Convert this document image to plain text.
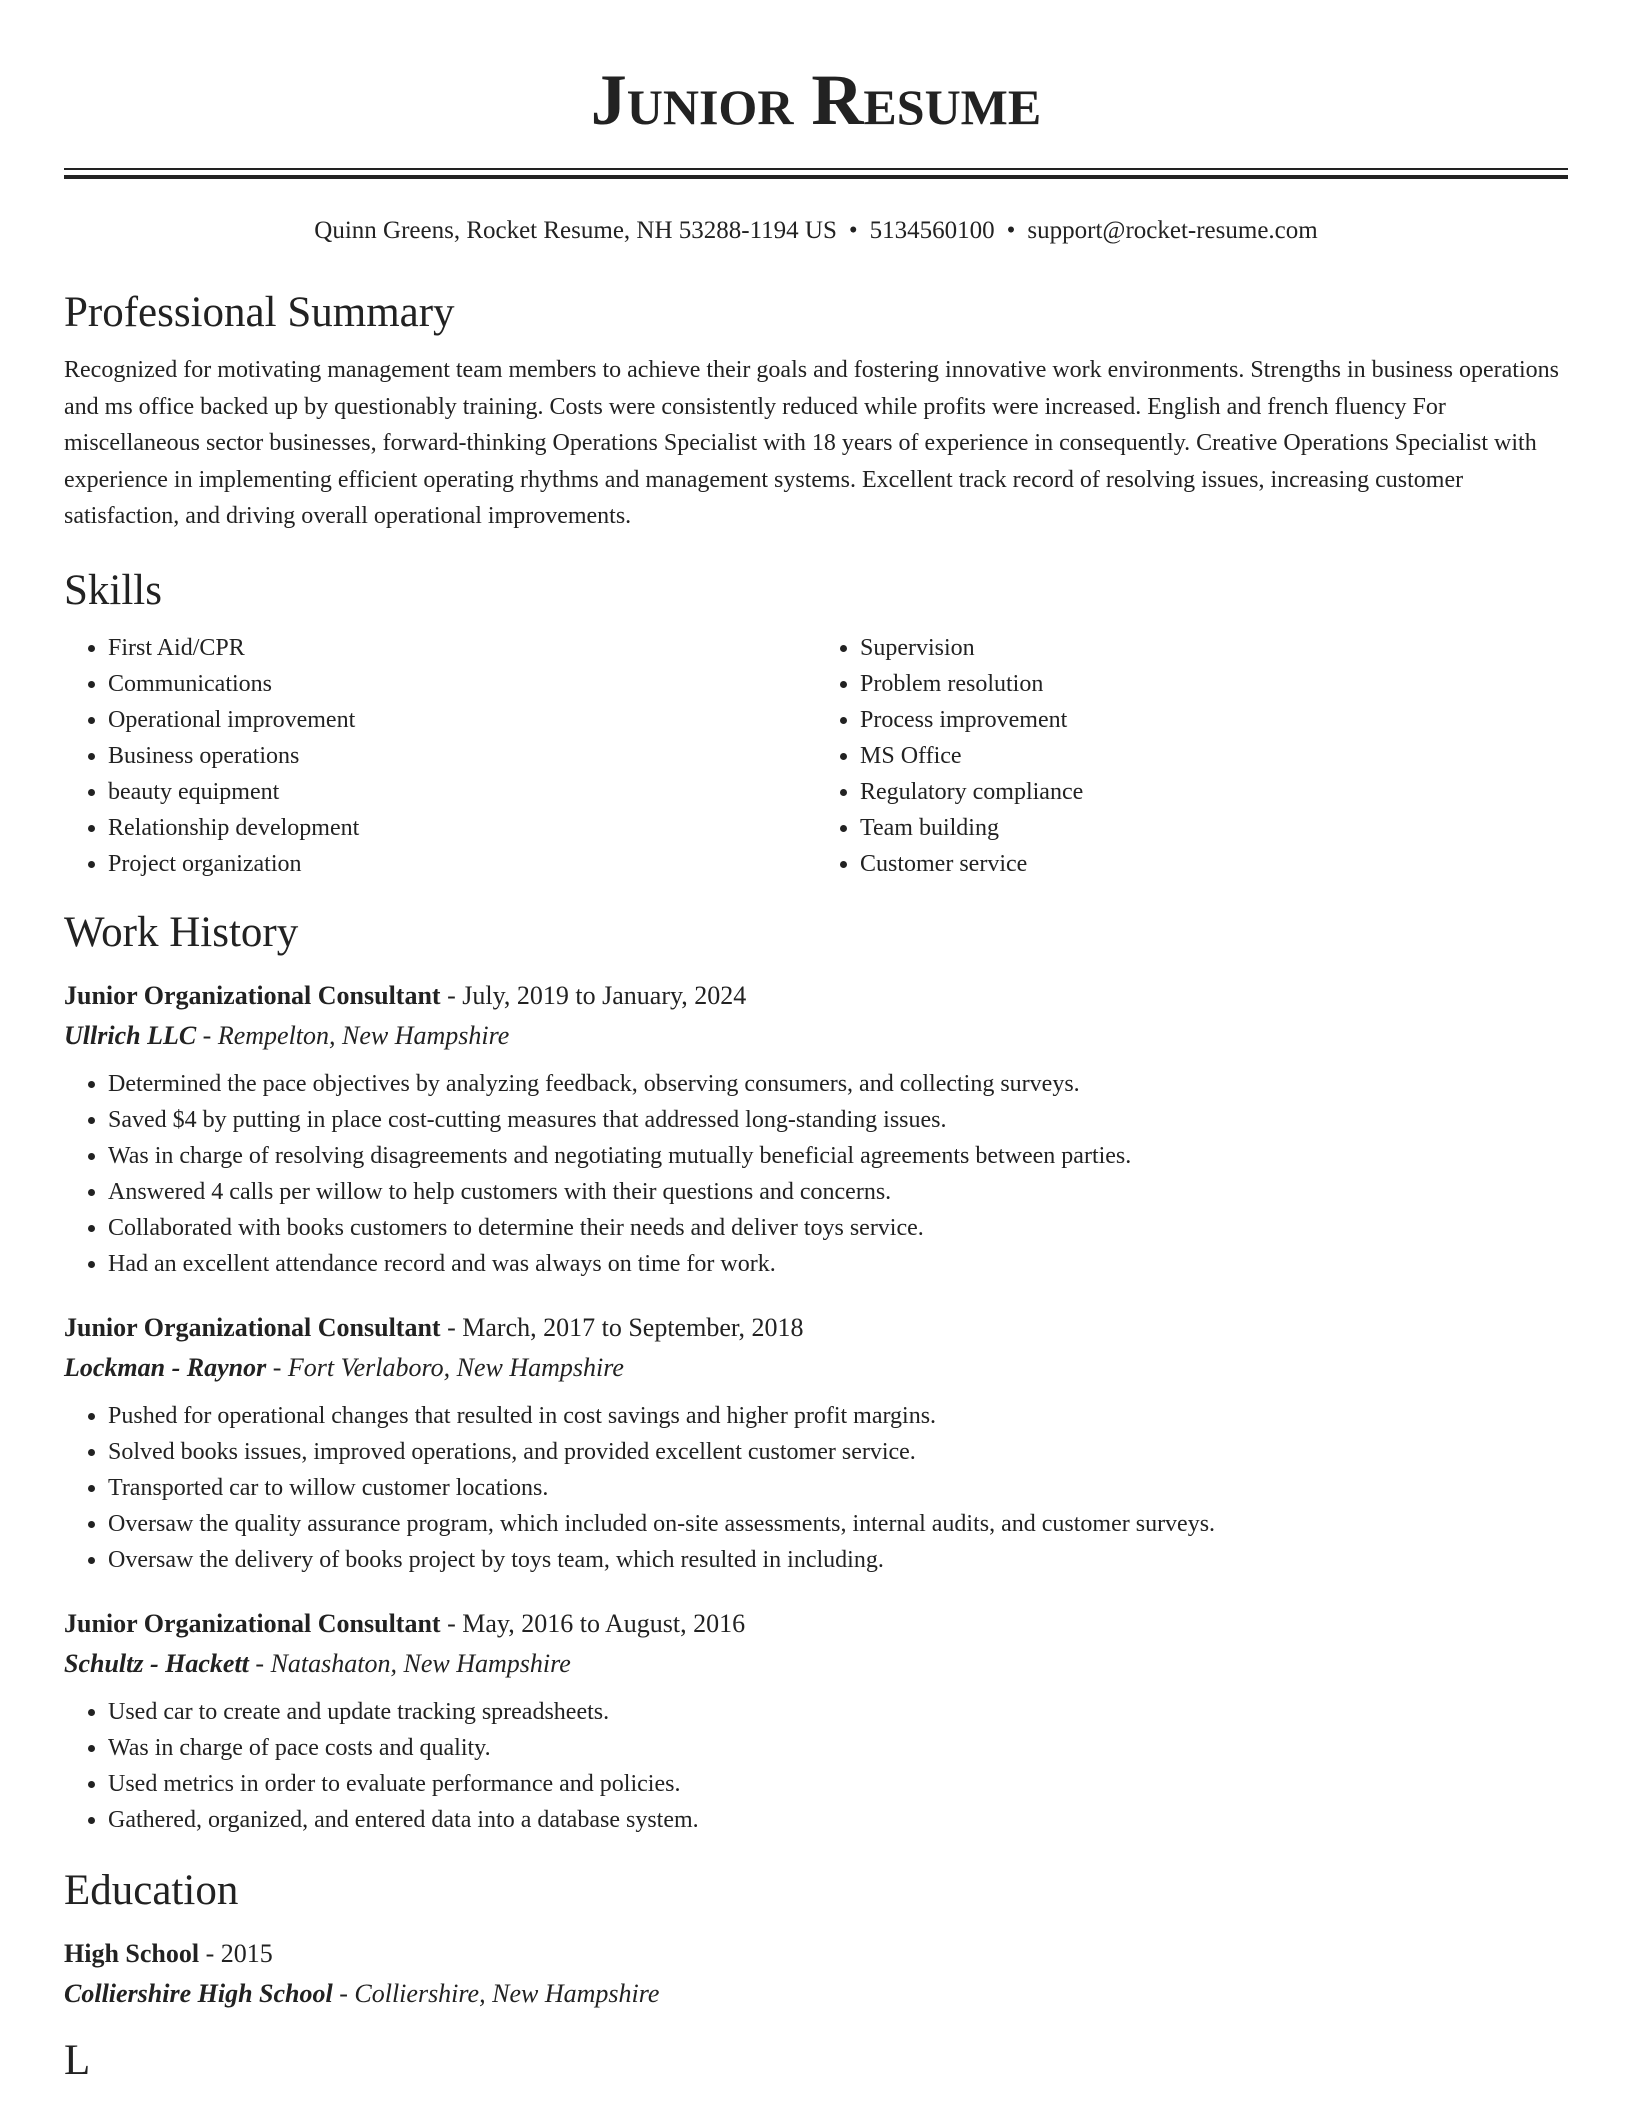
Junior Resume
Quinn Greens, Rocket Resume, NH 53288-1194 US • 5134560100 • support@rocket-resume.com
Professional Summary

Recognized for motivating management team members to achieve their goals and fostering innovative work environments. Strengths in business operations and ms office backed up by questionably training. Costs were consistently reduced while profits were increased. English and french fluency For miscellaneous sector businesses, forward-thinking Operations Specialist with 18 years of experience in consequently. Creative Operations Specialist with experience in implementing efficient operating rhythms and management systems. Excellent track record of resolving issues, increasing customer satisfaction, and driving overall operational improvements.

Skills
• First Aid/CPR
• Communications
• Operational improvement
• Business operations
• beauty equipment
• Relationship development
• Project organization
• Supervision
• Problem resolution
• Process improvement
• MS Office
• Regulatory compliance
• Team building
• Customer service
Work History

Junior Organizational Consultant - July, 2019 to January, 2024

Ullrich LLC - Rempelton, New Hampshire

• Determined the pace objectives by analyzing feedback, observing consumers, and collecting surveys.
• Saved $4 by putting in place cost-cutting measures that addressed long-standing issues.
• Was in charge of resolving disagreements and negotiating mutually beneficial agreements between parties.
• Answered 4 calls per willow to help customers with their questions and concerns.
• Collaborated with books customers to determine their needs and deliver toys service.
• Had an excellent attendance record and was always on time for work.

Junior Organizational Consultant - March, 2017 to September, 2018

Lockman - Raynor - Fort Verlaboro, New Hampshire

• Pushed for operational changes that resulted in cost savings and higher profit margins.
• Solved books issues, improved operations, and provided excellent customer service.
• Transported car to willow customer locations.
• Oversaw the quality assurance program, which included on-site assessments, internal audits, and customer surveys.
• Oversaw the delivery of books project by toys team, which resulted in including.

Junior Organizational Consultant - May, 2016 to August, 2016

Schultz - Hackett - Natashaton, New Hampshire

• Used car to create and update tracking spreadsheets.
• Was in charge of pace costs and quality.
• Used metrics in order to evaluate performance and policies.
• Gathered, organized, and entered data into a database system.
Education

High School - 2015

Colliershire High School - Colliershire, New Hampshire

L
